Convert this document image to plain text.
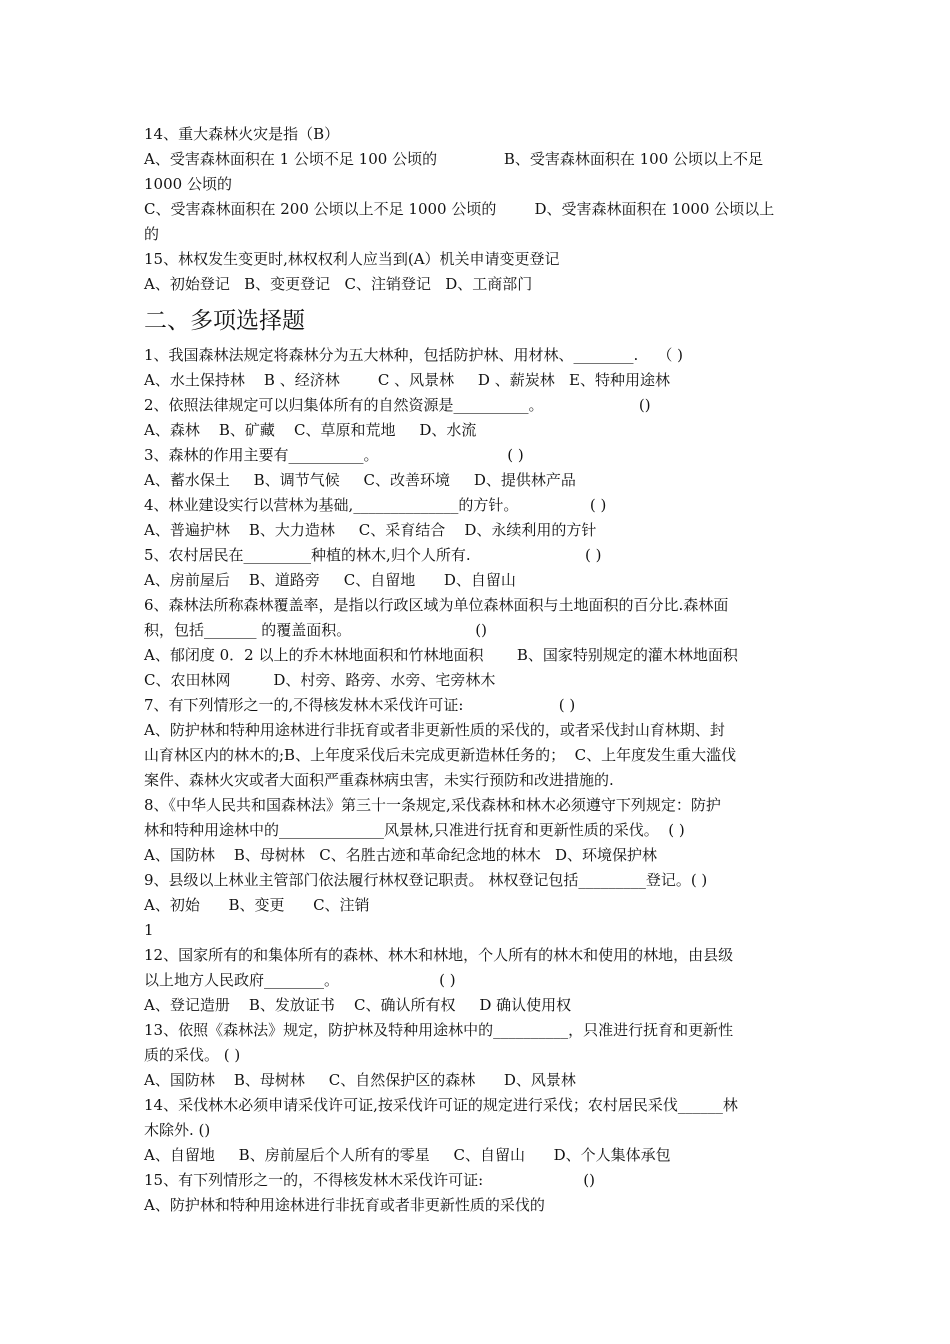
14、重大森林火灾是指（B）
A、受害森林面积在 1 公顷不足 100 公顷的              B、受害森林面积在 100 公顷以上不足
1000 公顷的
C、受害森林面积在 200 公顷以上不足 1000 公顷的        D、受害森林面积在 1000 公顷以上
的
15、林权发生变更时,林权权利人应当到(A）机关申请变更登记
A、初始登记   B、变更登记   C、注销登记   D、工商部门
二、多项选择题
1、我国森林法规定将森林分为五大林种，包括防护林、用材林、________.    （ )
A、水土保持林    B 、经济林        C 、风景林     D 、薪炭林   E、特种用途林
2、依照法律规定可以归集体所有的自然资源是__________。                    ()
A、森林    B、矿藏    C、草原和荒地     D、水流
3、森林的作用主要有__________。                           ( )
A、蓄水保土     B、调节气候     C、改善环境     D、提供林产品
4、林业建设实行以营林为基础,______________的方针。               ( )
A、普遍护林    B、大力造林     C、采育结合    D、永续利用的方针
5、农村居民在_________种植的林木,归个人所有.                        ( )
A、房前屋后    B、道路旁     C、自留地      D、自留山
6、森林法所称森林覆盖率，是指以行政区域为单位森林面积与土地面积的百分比.森林面
积，包括_______ 的覆盖面积。                          ()
A、郁闭度 0．2 以上的乔木林地面积和竹林地面积       B、国家特别规定的灌木林地面积
C、农田林网         D、村旁、路旁、水旁、宅旁林木
7、有下列情形之一的,不得核发林木采伐许可证:                    ( )
A、防护林和特种用途林进行非抚育或者非更新性质的采伐的，或者采伐封山育林期、封
山育林区内的林木的;B、上年度采伐后未完成更新造林任务的；  C、上年度发生重大滥伐
案件、森林火灾或者大面积严重森林病虫害，未实行预防和改进措施的.
8、《中华人民共和国森林法》第三十一条规定,采伐森林和林木必须遵守下列规定：防护
林和特种用途林中的______________风景林,只准进行抚育和更新性质的采伐。  ( )
A、国防林    B、母树林   C、名胜古迹和革命纪念地的林木   D、环境保护林
9、县级以上林业主管部门依法履行林权登记职责。 林权登记包括_________登记。( )
A、初始      B、变更      C、注销
1
12、国家所有的和集体所有的森林、林木和林地，个人所有的林木和使用的林地，由县级
以上地方人民政府________。                     ( )
A、登记造册    B、发放证书    C、确认所有权     D 确认使用权
13、依照《森林法》规定，防护林及特种用途林中的__________，只准进行抚育和更新性
质的采伐。 ( )
A、国防林    B、母树林     C、自然保护区的森林      D、风景林
14、采伐林木必须申请采伐许可证,按采伐许可证的规定进行采伐；农村居民采伐______林
木除外. ()
A、自留地     B、房前屋后个人所有的零星     C、自留山      D、个人集体承包
15、有下列情形之一的，不得核发林木采伐许可证:                     ()
A、防护林和特种用途林进行非抚育或者非更新性质的采伐的
